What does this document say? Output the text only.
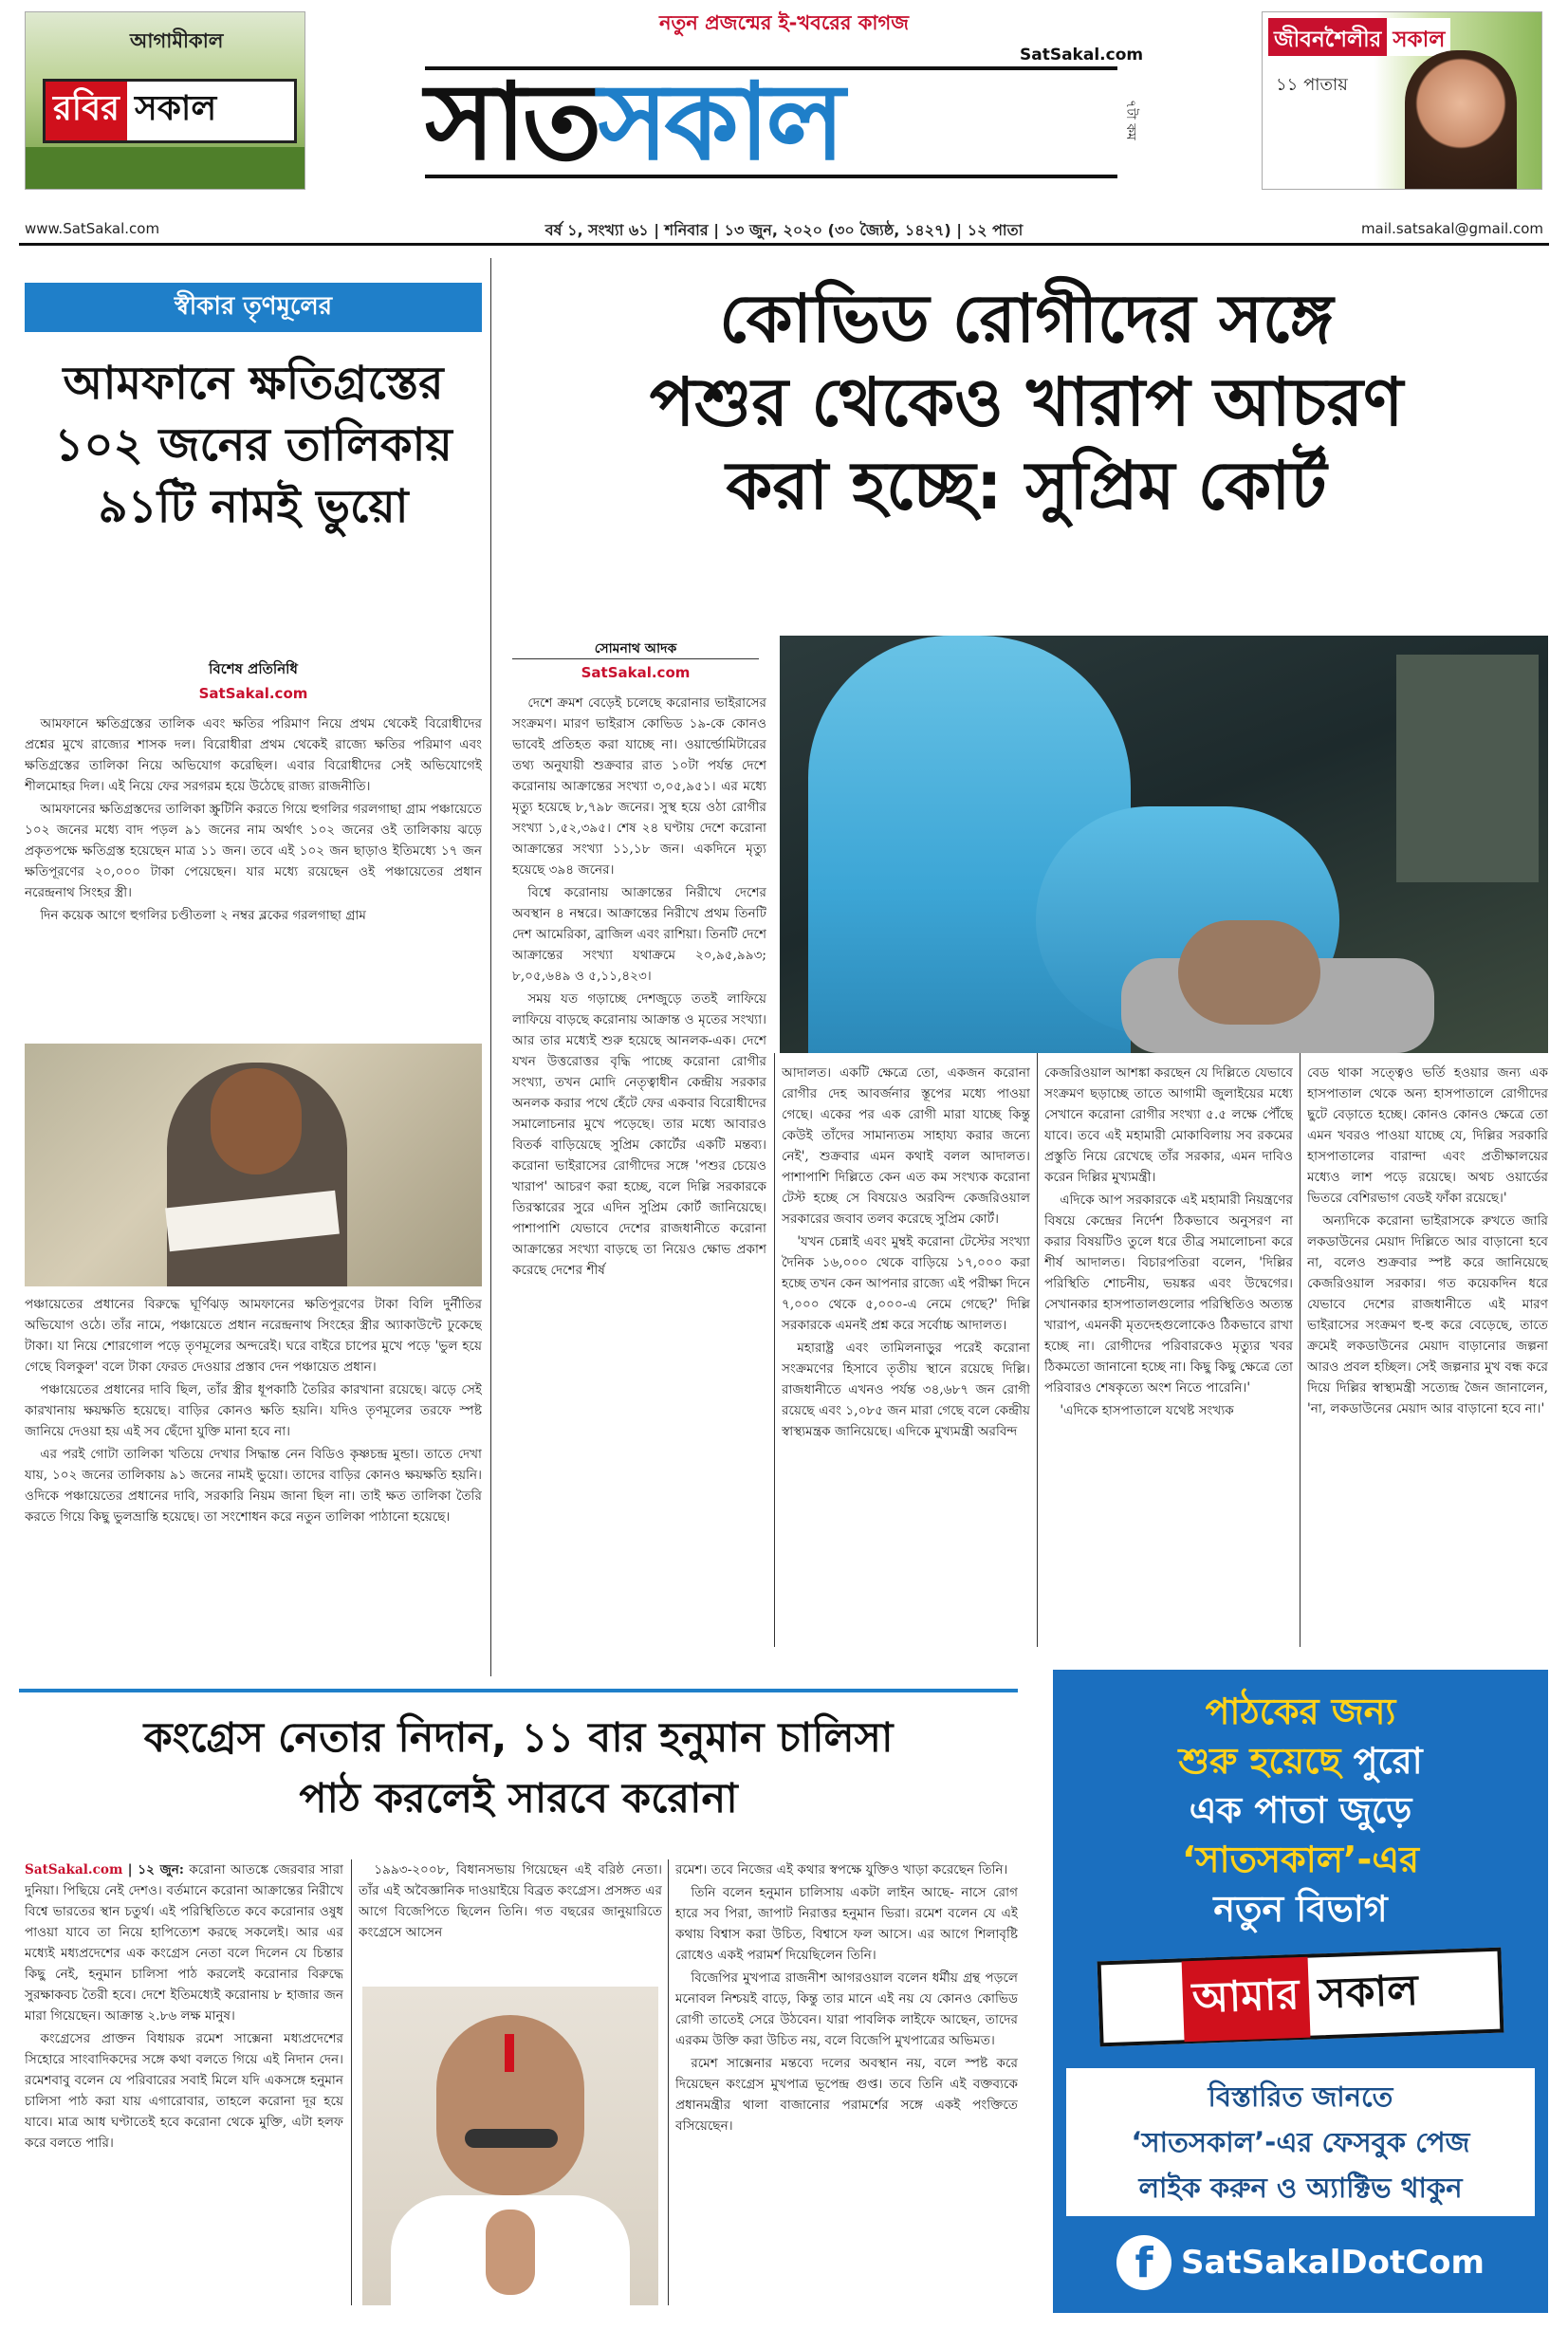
নতুন প্রজন্মের ই-খবরের কাগজ
আগামীকাল
রবির সকাল
SatSakal.com
সাত সকাল	৭টা কম
জীবনশৈলীর সকাল
১১ পাতায়
www.SatSakal.com	বর্ষ ১, সংখ্যা ৬১ | শনিবার | ১৩ জুন, ২০২০ (৩০ জ্যৈষ্ঠ, ১৪২৭) | ১২ পাতা	mail.satsakal@gmail.com
স্বীকার তৃণমূলের
আমফানে ক্ষতিগ্রস্তের ১০২ জনের তালিকায় ৯১টি নামই ভুয়ো
বিশেষ প্রতিনিধি
SatSakal.com

আমফানে ক্ষতিগ্রস্তের তালিক এবং ক্ষতির পরিমাণ নিয়ে প্রথম থেকেই বিরোধীদের প্রশ্নের মুখে রাজ্যের শাসক দল। বিরোধীরা প্রথম থেকেই রাজ্যে ক্ষতির পরিমাণ এবং ক্ষতিগ্রস্তের তালিকা নিয়ে অভিযোগ করেছিল। এবার বিরোধীদের সেই অভিযোগেই শীলমোহর দিল। এই নিয়ে ফের সরগরম হয়ে উঠেছে রাজ্য রাজনীতি।

আমফানের ক্ষতিগ্রস্তদের তালিকা স্ক্রুটিনি করতে গিয়ে হুগলির গরলগাছা গ্রাম পঞ্চায়েতে ১০২ জনের মধ্যে বাদ পড়ল ৯১ জনের নাম অর্থাৎ ১০২ জনের ওই তালিকায় ঝড়ে প্রকৃতপক্ষে ক্ষতিগ্রস্ত হয়েছেন মাত্র ১১ জন। তবে এই ১০২ জন ছাড়াও ইতিমধ্যে ১৭ জন ক্ষতিপূরণের ২০,০০০ টাকা পেয়েছেন। যার মধ্যে রয়েছেন ওই পঞ্চায়েতের প্রধান নরেন্দ্রনাথ সিংহর স্ত্রী।

দিন কয়েক আগে হুগলির চণ্ডীতলা ২ নম্বর ব্লকের গরলগাছা গ্রাম

পঞ্চায়েতের প্রধানের বিরুদ্ধে ঘূর্ণিঝড় আমফানের ক্ষতিপূরণের টাকা বিলি দুর্নীতির অভিযোগ ওঠে। তাঁর নামে, পঞ্চায়েতে প্রধান নরেন্দ্রনাথ সিংহের স্ত্রীর অ্যাকাউন্টে ঢুকেছে টাকা। যা নিয়ে শোরগোল পড়ে তৃণমূলের অন্দরেই। ঘরে বাইরে চাপের মুখে পড়ে 'ভুল হয়ে গেছে বিলকুল' বলে টাকা ফেরত দেওয়ার প্রস্তাব দেন পঞ্চায়েত প্রধান।

পঞ্চায়েতের প্রধানের দাবি ছিল, তাঁর স্ত্রীর ধূপকাঠি তৈরির কারখানা রয়েছে। ঝড়ে সেই কারখানায় ক্ষয়ক্ষতি হয়েছে। বাড়ির কোনও ক্ষতি হয়নি। যদিও তৃণমূলের তরফে স্পষ্ট জানিয়ে দেওয়া হয় এই সব ছেঁদো যুক্তি মানা হবে না।

এর পরই গোটা তালিকা খতিয়ে দেখার সিদ্ধান্ত নেন বিডিও কৃষ্ণচন্দ্র মুন্ডা। তাতে দেখা যায়, ১০২ জনের তালিকায় ৯১ জনের নামই ভুয়ো। তাদের বাড়ির কোনও ক্ষয়ক্ষতি হয়নি। ওদিকে পঞ্চায়েতের প্রধানের দাবি, সরকারি নিয়ম জানা ছিল না। তাই ক্ষত তালিকা তৈরি করতে গিয়ে কিছু ভুলভ্রান্তি হয়েছে। তা সংশোধন করে নতুন তালিকা পাঠানো হয়েছে।

কোভিড রোগীদের সঙ্গে
পশুর থেকেও খারাপ আচরণ
করা হচ্ছে: সুপ্রিম কোর্ট
সোমনাথ আদক
SatSakal.com

দেশে ক্রমশ বেড়েই চলেছে করোনার ভাইরাসের সংক্রমণ। মারণ ভাইরাস কোভিড ১৯-কে কোনও ভাবেই প্রতিহত করা যাচ্ছে না। ওয়ার্ল্ডোমিটারের তথ্য অনুযায়ী শুক্রবার রাত ১০টা পর্যন্ত দেশে করোনায় আক্রান্তের সংখ্যা ৩,০৫,৯৫১। এর মধ্যে মৃত্যু হয়েছে ৮,৭৯৮ জনের। সুস্থ হয়ে ওঠা রোগীর সংখ্যা ১,৫২,৩৯৫। শেষ ২৪ ঘণ্টায় দেশে করোনা আক্রান্তের সংখ্যা ১১,১৮ জন। একদিনে মৃত্যু হয়েছে ৩৯৪ জনের।

বিশ্বে করোনায় আক্রান্তের নিরীখে দেশের অবস্থান ৪ নম্বরে। আক্রান্তের নিরীখে প্রথম তিনটি দেশ আমেরিকা, ব্রাজিল এবং রাশিয়া। তিনটি দেশে আক্রান্তের সংখ্যা যথাক্রমে ২০,৯৫,৯৯৩; ৮,০৫,৬৪৯ ও ৫,১১,৪২৩।

সময় যত গড়াচ্ছে দেশজুড়ে ততই লাফিয়ে লাফিয়ে বাড়ছে করোনায় আক্রান্ত ও মৃতের সংখ্যা। আর তার মধ্যেই শুরু হয়েছে আনলক-এক। দেশে যখন উত্তরোত্তর বৃদ্ধি পাচ্ছে করোনা রোগীর সংখ্যা, তখন মোদি নেতৃত্বাধীন কেন্দ্রীয় সরকার অনলক করার পথে হেঁটে ফের একবার বিরোধীদের সমালোচনার মুখে পড়েছে। তার মধ্যে আবারও বিতর্ক বাড়িয়েছে সুপ্রিম কোর্টের একটি মন্তব্য। করোনা ভাইরাসের রোগীদের সঙ্গে 'পশুর চেয়েও খারাপ' আচরণ করা হচ্ছে, বলে দিল্লি সরকারকে তিরস্কারের সুরে এদিন সুপ্রিম কোর্ট জানিয়েছে। পাশাপাশি যেভাবে দেশের রাজধানীতে করোনা আক্রান্তের সংখ্যা বাড়ছে তা নিয়েও ক্ষোভ প্রকাশ করেছে দেশের শীর্ষ

আদালত। একটি ক্ষেত্রে তো, একজন করোনা রোগীর দেহ আবর্জনার স্তূপের মধ্যে পাওয়া গেছে। একের পর এক রোগী মারা যাচ্ছে কিন্তু কেউই তাঁদের সামান্যতম সাহায্য করার জন্যে নেই', শুক্রবার এমন কথাই বলল আদালত। পাশাপাশি দিল্লিতে কেন এত কম সংখ্যক করোনা টেস্ট হচ্ছে সে বিষয়েও অরবিন্দ কেজরিওয়াল সরকারের জবাব তলব করেছে সুপ্রিম কোর্ট।

'যখন চেন্নাই এবং মুম্বই করোনা টেস্টের সংখ্যা দৈনিক ১৬,০০০ থেকে বাড়িয়ে ১৭,০০০ করা হচ্ছে তখন কেন আপনার রাজ্যে এই পরীক্ষা দিনে ৭,০০০ থেকে ৫,০০০-এ নেমে গেছে?' দিল্লি সরকারকে এমনই প্রশ্ন করে সর্বোচ্চ আদালত।

মহারাষ্ট্র এবং তামিলনাড়ুর পরেই করোনা সংক্রমণের হিসাবে তৃতীয় স্থানে রয়েছে দিল্লি। রাজধানীতে এখনও পর্যন্ত ৩৪,৬৮৭ জন রোগী রয়েছে এবং ১,০৮৫ জন মারা গেছে বলে কেন্দ্রীয় স্বাস্থ্যমন্ত্রক জানিয়েছে। এদিকে মুখ্যমন্ত্রী অরবিন্দ

কেজরিওয়াল আশঙ্কা করছেন যে দিল্লিতে যেভাবে সংক্রমণ ছড়াচ্ছে তাতে আগামী জুলাইয়ের মধ্যে সেখানে করোনা রোগীর সংখ্যা ৫.৫ লক্ষে পৌঁছে যাবে। তবে এই মহামারী মোকাবিলায় সব রকমের প্রস্তুতি নিয়ে রেখেছে তাঁর সরকার, এমন দাবিও করেন দিল্লির মুখ্যমন্ত্রী।

এদিকে আপ সরকারকে এই মহামারী নিয়ন্ত্রণের বিষয়ে কেন্দ্রের নির্দেশ ঠিকভাবে অনুসরণ না করার বিষয়টিও তুলে ধরে তীব্র সমালোচনা করে শীর্ষ আদালত। বিচারপতিরা বলেন, 'দিল্লির পরিস্থিতি শোচনীয়, ভয়ঙ্কর এবং উদ্বেগের। সেখানকার হাসপাতালগুলোর পরিস্থিতিও অত্যন্ত খারাপ, এমনকী মৃতদেহগুলোকেও ঠিকভাবে রাখা হচ্ছে না। রোগীদের পরিবারকেও মৃত্যুর খবর ঠিকমতো জানানো হচ্ছে না। কিছু কিছু ক্ষেত্রে তো পরিবারও শেষকৃত্যে অংশ নিতে পারেনি।'

'এদিকে হাসপাতালে যথেষ্ট সংখ্যক

বেড থাকা সত্ত্বেও ভর্তি হওয়ার জন্য এক হাসপাতাল থেকে অন্য হাসপাতালে রোগীদের ছুটে বেড়াতে হচ্ছে। কোনও কোনও ক্ষেত্রে তো এমন খবরও পাওয়া যাচ্ছে যে, দিল্লির সরকারি হাসপাতালের বারান্দা এবং প্রতীক্ষালয়ের মধ্যেও লাশ পড়ে রয়েছে। অথচ ওয়ার্ডের ভিতরে বেশিরভাগ বেডই ফাঁকা রয়েছে।'

অন্যদিকে করোনা ভাইরাসকে রুখতে জারি লকডাউনের মেয়াদ দিল্লিতে আর বাড়ানো হবে না, বলেও শুক্রবার স্পষ্ট করে জানিয়েছে কেজরিওয়াল সরকার। গত কয়েকদিন ধরে যেভাবে দেশের রাজধানীতে এই মারণ ভাইরাসের সংক্রমণ হু-হু করে বেড়েছে, তাতে ক্রমেই লকডাউনের মেয়াদ বাড়ানোর জল্পনা আরও প্রবল হচ্ছিল। সেই জল্পনার মুখ বন্ধ করে দিয়ে দিল্লির স্বাস্থ্যমন্ত্রী সত্যেন্দ্র জৈন জানালেন, 'না, লকডাউনের মেয়াদ আর বাড়ানো হবে না।'

কংগ্রেস নেতার নিদান, ১১ বার হনুমান চালিসা
পাঠ করলেই সারবে করোনা

SatSakal.com | ১২ জুন: করোনা আতঙ্কে জেরবার সারা দুনিয়া। পিছিয়ে নেই দেশও। বর্তমানে করোনা আক্রান্তের নিরীখে বিশ্বে ভারতের স্থান চতুর্থ। এই পরিস্থিতিতে কবে করোনার ওষুধ পাওয়া যাবে তা নিয়ে হাপিত্যেশ করছে সকলেই। আর এর মধ্যেই মধ্যপ্রদেশের এক কংগ্রেস নেতা বলে দিলেন যে চিন্তার কিছু নেই, হনুমান চালিসা পাঠ করলেই করোনার বিরুদ্ধে সুরক্ষাকবচ তৈরী হবে। দেশে ইতিমধ্যেই করোনায় ৮ হাজার জন মারা গিয়েছেন। আক্রান্ত ২.৮৬ লক্ষ মানুষ।

কংগ্রেসের প্রাক্তন বিধায়ক রমেশ সাক্সেনা মধ্যপ্রদেশের সিহোরে সাংবাদিকদের সঙ্গে কথা বলতে গিয়ে এই নিদান দেন। রমেশবাবু বলেন যে পরিবারের সবাই মিলে যদি একসঙ্গে হনুমান চালিসা পাঠ করা যায় এগারোবার, তাহলে করোনা দূর হয়ে যাবে। মাত্র আধ ঘণ্টাতেই হবে করোনা থেকে মুক্তি, এটা হলফ করে বলতে পারি।

১৯৯৩-২০০৮, বিধানসভায় গিয়েছেন এই বরিষ্ঠ নেতা। তাঁর এই অবৈজ্ঞানিক দাওয়াইয়ে বিব্রত কংগ্রেস। প্রসঙ্গত এর আগে বিজেপিতে ছিলেন তিনি। গত বছরের জানুয়ারিতে কংগ্রেসে আসেন

রমেশ। তবে নিজের এই কথার স্বপক্ষে যুক্তিও খাড়া করেছেন তিনি।

তিনি বলেন হনুমান চালিসায় একটা লাইন আছে- নাসে রোগ হারে সব পিরা, জাপাট নিরাত্তর হনুমান ভিরা। রমেশ বলেন যে এই কথায় বিশ্বাস করা উচিত, বিশ্বাসে ফল আসে। এর আগে শিলাবৃষ্টি রোধেও একই পরামর্শ দিয়েছিলেন তিনি।

বিজেপির মুখপাত্র রাজনীশ আগরওয়াল বলেন ধর্মীয় গ্রন্থ পড়লে মনোবল নিশ্চয়ই বাড়ে, কিন্তু তার মানে এই নয় যে কোনও কোভিড রোগী তাতেই সেরে উঠবেন। যারা পাবলিক লাইফে আছেন, তাদের এরকম উক্তি করা উচিত নয়, বলে বিজেপি মুখপাত্রের অভিমত।

রমেশ সাক্সেনার মন্তব্যে দলের অবস্থান নয়, বলে স্পষ্ট করে দিয়েছেন কংগ্রেস মুখপাত্র ভূপেন্দ্র গুপ্ত। তবে তিনি এই বক্তব্যকে প্রধানমন্ত্রীর থালা বাজানোর পরামর্শের সঙ্গে একই পংক্তিতে বসিয়েছেন।

পাঠকের জন্য
শুরু হয়েছে পুরো
এক পাতা জুড়ে
‘সাতসকাল’-এর
নতুন বিভাগ
আমার সকাল
বিস্তারিত জানতে
‘সাতসকাল’-এর ফেসবুক পেজ
লাইক করুন ও অ্যাক্টিভ থাকুন
f SatSakalDotCom
